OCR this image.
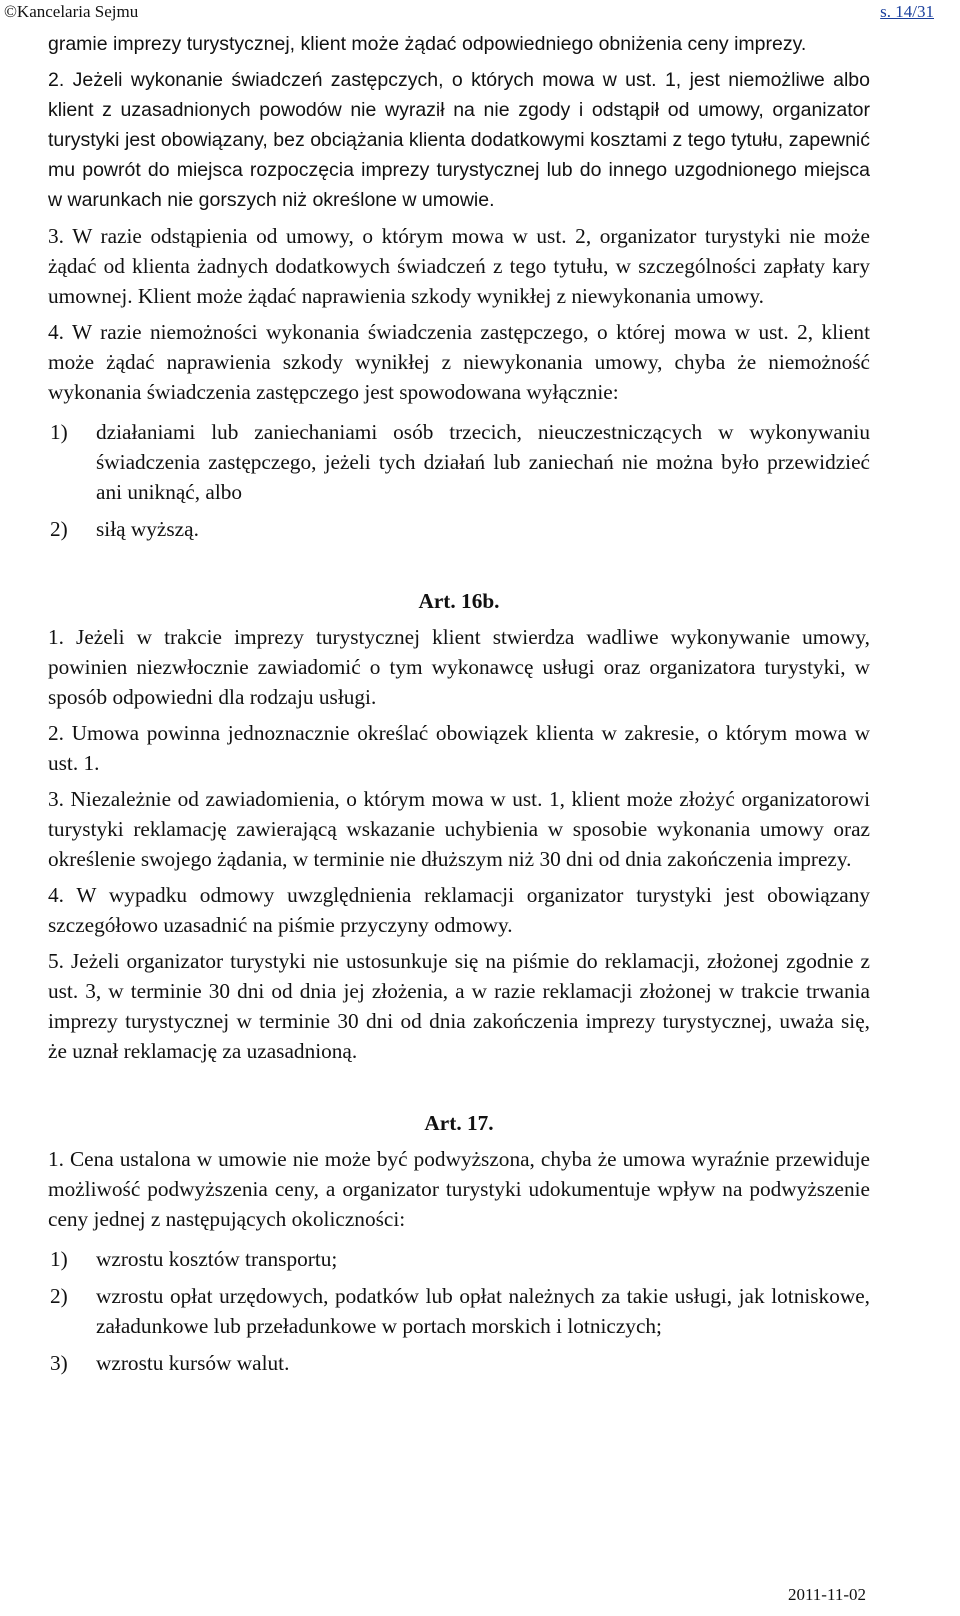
©Kancelaria Sejmu	s. 14/31

gramie imprezy turystycznej, klient może żądać odpowiedniego obniżenia ceny imprezy.

2. Jeżeli wykonanie świadczeń zastępczych, o których mowa w ust. 1, jest niemożliwe albo klient z uzasadnionych powodów nie wyraził na nie zgody i odstąpił od umowy, organizator turystyki jest obowiązany, bez obciążania klienta dodatkowymi kosztami z tego tytułu, zapewnić mu powrót do miejsca rozpoczęcia imprezy turystycznej lub do innego uzgodnionego miejsca w warunkach nie gorszych niż określone w umowie.

3. W razie odstąpienia od umowy, o którym mowa w ust. 2, organizator turystyki nie może żądać od klienta żadnych dodatkowych świadczeń z tego tytułu, w szczególności zapłaty kary umownej. Klient może żądać naprawienia szkody wynikłej z niewykonania umowy.

4. W razie niemożności wykonania świadczenia zastępczego, o której mowa w ust. 2, klient może żądać naprawienia szkody wynikłej z niewykonania umowy, chyba że niemożność wykonania świadczenia zastępczego jest spowodowana wyłącznie:

1)	działaniami lub zaniechaniami osób trzecich, nieuczestniczących w wykonywaniu świadczenia zastępczego, jeżeli tych działań lub zaniechań nie można było przewidzieć ani uniknąć, albo
2)	siłą wyższą.
Art. 16b.

1. Jeżeli w trakcie imprezy turystycznej klient stwierdza wadliwe wykonywanie umowy, powinien niezwłocznie zawiadomić o tym wykonawcę usługi oraz organizatora turystyki, w sposób odpowiedni dla rodzaju usługi.

2. Umowa powinna jednoznacznie określać obowiązek klienta w zakresie, o którym mowa w ust. 1.

3. Niezależnie od zawiadomienia, o którym mowa w ust. 1, klient może złożyć organizatorowi turystyki reklamację zawierającą wskazanie uchybienia w sposobie wykonania umowy oraz określenie swojego żądania, w terminie nie dłuższym niż 30 dni od dnia zakończenia imprezy.

4. W wypadku odmowy uwzględnienia reklamacji organizator turystyki jest obowiązany szczegółowo uzasadnić na piśmie przyczyny odmowy.

5. Jeżeli organizator turystyki nie ustosunkuje się na piśmie do reklamacji, złożonej zgodnie z ust. 3, w terminie 30 dni od dnia jej złożenia, a w razie reklamacji złożonej w trakcie trwania imprezy turystycznej w terminie 30 dni od dnia zakończenia imprezy turystycznej, uważa się, że uznał reklamację za uzasadnioną.

Art. 17.

1. Cena ustalona w umowie nie może być podwyższona, chyba że umowa wyraźnie przewiduje możliwość podwyższenia ceny, a organizator turystyki udokumentuje wpływ na podwyższenie ceny jednej z następujących okoliczności:

1)	wzrostu kosztów transportu;
2)	wzrostu opłat urzędowych, podatków lub opłat należnych za takie usługi, jak lotniskowe, załadunkowe lub przeładunkowe w portach morskich i lotniczych;
3)	wzrostu kursów walut.
2011-11-02
